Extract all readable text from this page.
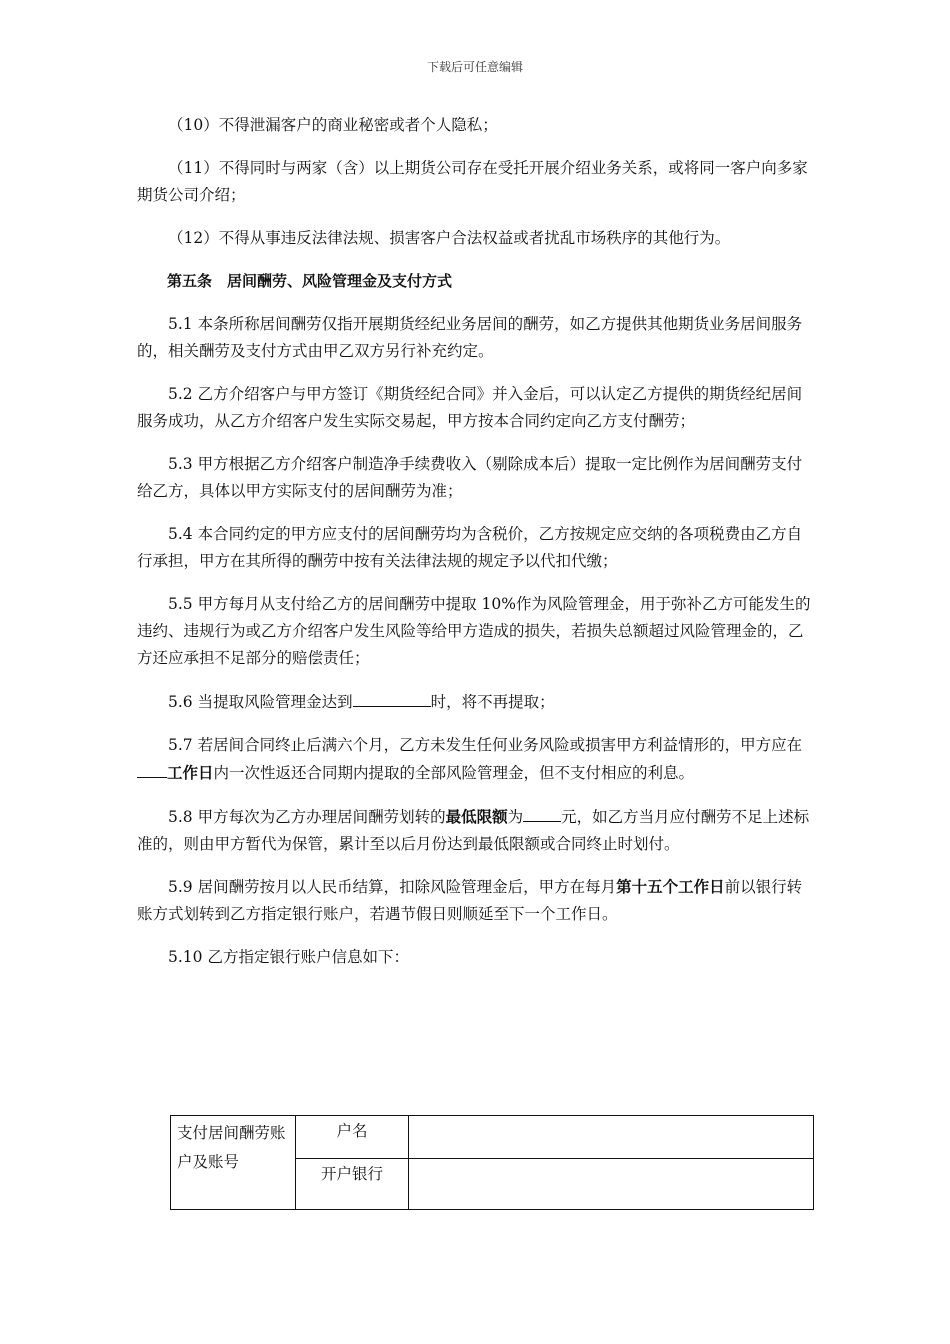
下载后可任意编辑

（10）不得泄漏客户的商业秘密或者个人隐私；

（11）不得同时与两家（含）以上期货公司存在受托开展介绍业务关系，或将同一客户向多家期货公司介绍；

（12）不得从事违反法律法规、损害客户合法权益或者扰乱市场秩序的其他行为。

第五条　居间酬劳、风险管理金及支付方式

5.1 本条所称居间酬劳仅指开展期货经纪业务居间的酬劳，如乙方提供其他期货业务居间服务的，相关酬劳及支付方式由甲乙双方另行补充约定。

5.2 乙方介绍客户与甲方签订《期货经纪合同》并入金后，可以认定乙方提供的期货经纪居间服务成功，从乙方介绍客户发生实际交易起，甲方按本合同约定向乙方支付酬劳；

5.3 甲方根据乙方介绍客户制造净手续费收入（剔除成本后）提取一定比例作为居间酬劳支付给乙方，具体以甲方实际支付的居间酬劳为准；

5.4 本合同约定的甲方应支付的居间酬劳均为含税价，乙方按规定应交纳的各项税费由乙方自行承担，甲方在其所得的酬劳中按有关法律法规的规定予以代扣代缴；

5.5 甲方每月从支付给乙方的居间酬劳中提取 10%作为风险管理金，用于弥补乙方可能发生的违约、违规行为或乙方介绍客户发生风险等给甲方造成的损失，若损失总额超过风险管理金的，乙方还应承担不足部分的赔偿责任；

5.6 当提取风险管理金达到	时，将不再提取；

5.7 若居间合同终止后满六个月，乙方未发生任何业务风险或损害甲方利益情形的，甲方应在工作日内一次性返还合同期内提取的全部风险管理金，但不支付相应的利息。

5.8 甲方每次为乙方办理居间酬劳划转的最低限额为 元，如乙方当月应付酬劳不足上述标准的，则由甲方暂代为保管，累计至以后月份达到最低限额或合同终止时划付。

5.9 居间酬劳按月以人民币结算，扣除风险管理金后，甲方在每月第十五个工作日前以银行转账方式划转到乙方指定银行账户，若遇节假日则顺延至下一个工作日。

5.10 乙方指定银行账户信息如下：

支付居间酬劳账户及账号	户名	
	开户银行	
